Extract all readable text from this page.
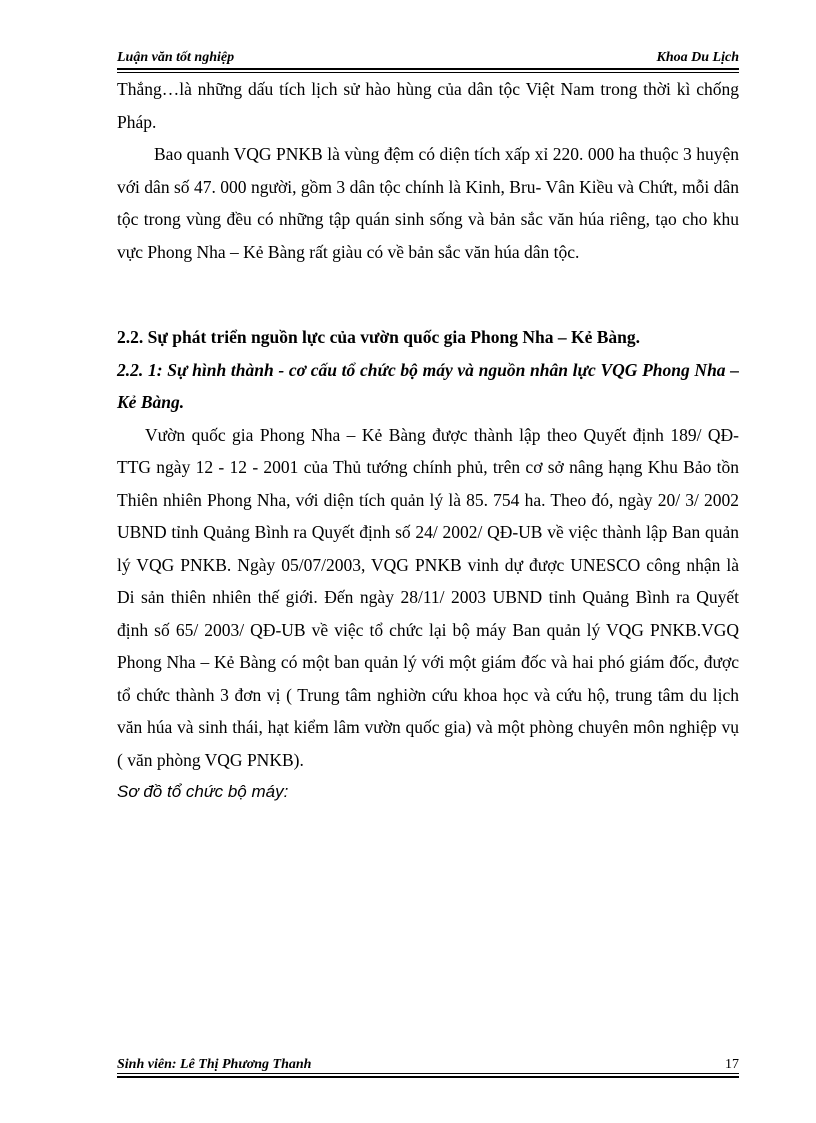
Luận văn tốt nghiệp	Khoa Du Lịch

Thắng…là những dấu tích lịch sử hào hùng của dân tộc Việt Nam trong thời kì chống Pháp.

Bao quanh VQG PNKB là vùng đệm có diện tích xấp xỉ 220. 000 ha thuộc 3 huyện với dân số 47. 000 người, gồm 3 dân tộc chính là Kinh, Bru- Vân Kiều và Chứt, mỗi dân tộc trong vùng đều có những tập quán sinh sống và bản sắc văn húa riêng, tạo cho khu vực Phong Nha – Kẻ Bàng rất giàu có về bản sắc văn húa dân tộc.

2.2. Sự phát triển nguồn lực của vườn quốc gia Phong Nha – Kẻ Bàng.

2.2. 1: Sự hình thành - cơ cấu tổ chức bộ máy và nguồn nhân lực VQG Phong Nha – Kẻ Bàng.

Vườn quốc gia Phong Nha – Kẻ Bàng được thành lập theo Quyết định 189/ QĐ-TTG ngày 12 - 12 - 2001 của Thủ tướng chính phủ, trên cơ sở nâng hạng Khu Bảo tồn Thiên nhiên Phong Nha, với diện tích quản lý là 85. 754 ha. Theo đó, ngày 20/ 3/ 2002 UBND tỉnh Quảng Bình ra Quyết định số 24/ 2002/ QĐ-UB về việc thành lập Ban quản lý VQG PNKB. Ngày 05/07/2003, VQG PNKB vinh dự được UNESCO công nhận là Di sản thiên nhiên thế giới. Đến ngày 28/11/ 2003 UBND tỉnh Quảng Bình ra Quyết định số 65/ 2003/ QĐ-UB về việc tổ chức lại bộ máy Ban quản lý VQG PNKB.VGQ Phong Nha – Kẻ Bàng có một ban quản lý với một giám đốc và hai phó giám đốc, được tổ chức thành 3 đơn vị ( Trung tâm nghiờn cứu khoa học và cứu hộ, trung tâm du lịch văn húa và sinh thái, hạt kiểm lâm vườn quốc gia) và một phòng chuyên môn nghiệp vụ ( văn phòng VQG PNKB).

Sơ đồ tổ chức bộ máy:

Sinh viên: Lê Thị Phương Thanh	17
